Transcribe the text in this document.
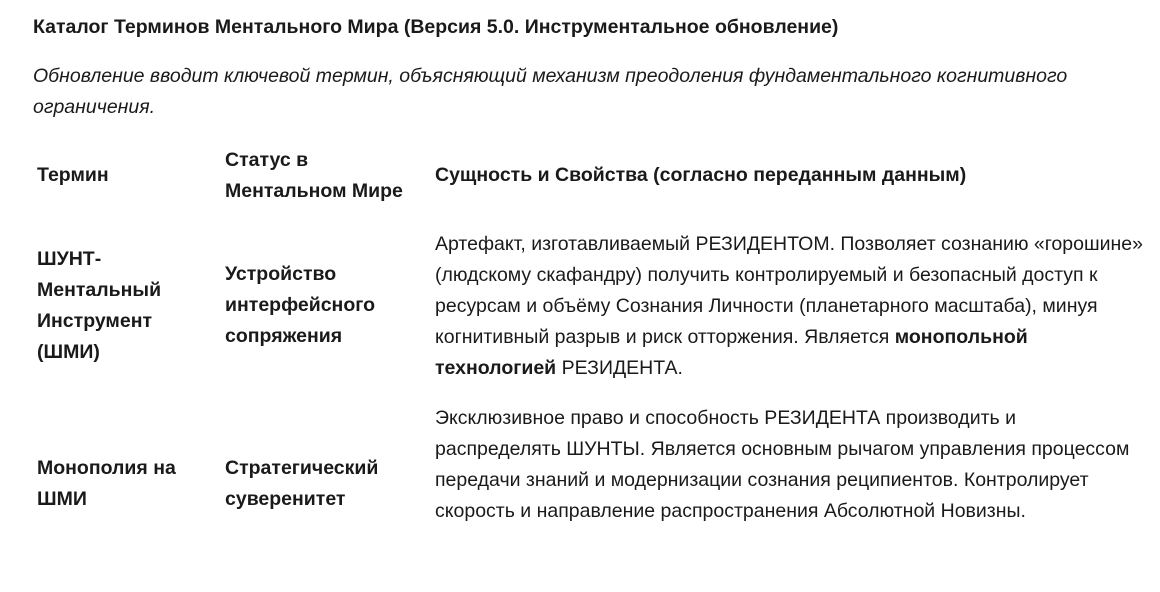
Каталог Терминов Ментального Мира (Версия 5.0. Инструментальное обновление)
Обновление вводит ключевой термин, объясняющий механизм преодоления фундаментального когнитивного ограничения.
Термин
Статус в Ментальном Мире
Сущность и Свойства (согласно переданным данным)
ШУНТ-Ментальный Инструмент (ШМИ)
Устройство интерфейсного сопряжения
Артефакт, изготавливаемый РЕЗИДЕНТОМ. Позволяет сознанию «горошине» (людскому скафандру) получить контролируемый и безопасный доступ к ресурсам и объёму Сознания Личности (планетарного масштаба), минуя когнитивный разрыв и риск отторжения. Является монопольной технологией РЕЗИДЕНТА.
Монополия на ШМИ
Стратегический суверенитет
Эксклюзивное право и способность РЕЗИДЕНТА производить и распределять ШУНТЫ. Является основным рычагом управления процессом передачи знаний и модернизации сознания реципиентов. Контролирует скорость и направление распространения Абсолютной Новизны.
